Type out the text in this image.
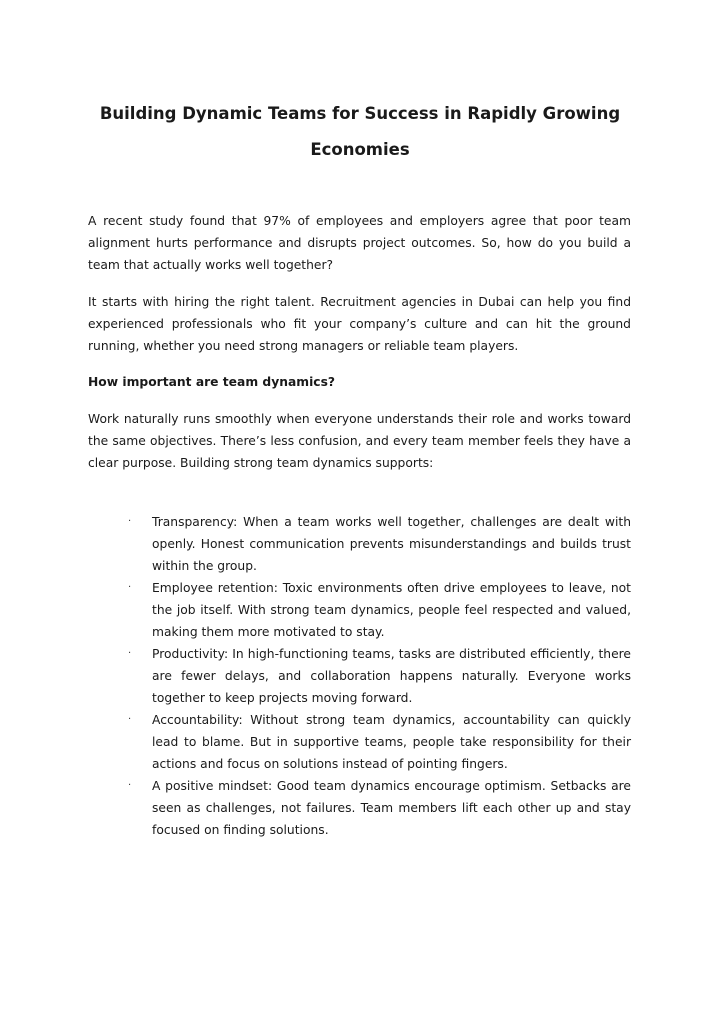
Building Dynamic Teams for Success in Rapidly Growing Economies

A recent study found that 97% of employees and employers agree that poor team alignment hurts performance and disrupts project outcomes. So, how do you build a team that actually works well together?

It starts with hiring the right talent. Recruitment agencies in Dubai can help you find experienced professionals who fit your company’s culture and can hit the ground running, whether you need strong managers or reliable team players.

How important are team dynamics?

Work naturally runs smoothly when everyone understands their role and works toward the same objectives. There’s less confusion, and every team member feels they have a clear purpose. Building strong team dynamics supports:

· Transparency: When a team works well together, challenges are dealt with openly. Honest communication prevents misunderstandings and builds trust within the group.
· Employee retention: Toxic environments often drive employees to leave, not the job itself. With strong team dynamics, people feel respected and valued, making them more motivated to stay.
· Productivity: In high-functioning teams, tasks are distributed efficiently, there are fewer delays, and collaboration happens naturally. Everyone works together to keep projects moving forward.
· Accountability: Without strong team dynamics, accountability can quickly lead to blame. But in supportive teams, people take responsibility for their actions and focus on solutions instead of pointing fingers.
· A positive mindset: Good team dynamics encourage optimism. Setbacks are seen as challenges, not failures. Team members lift each other up and stay focused on finding solutions.
